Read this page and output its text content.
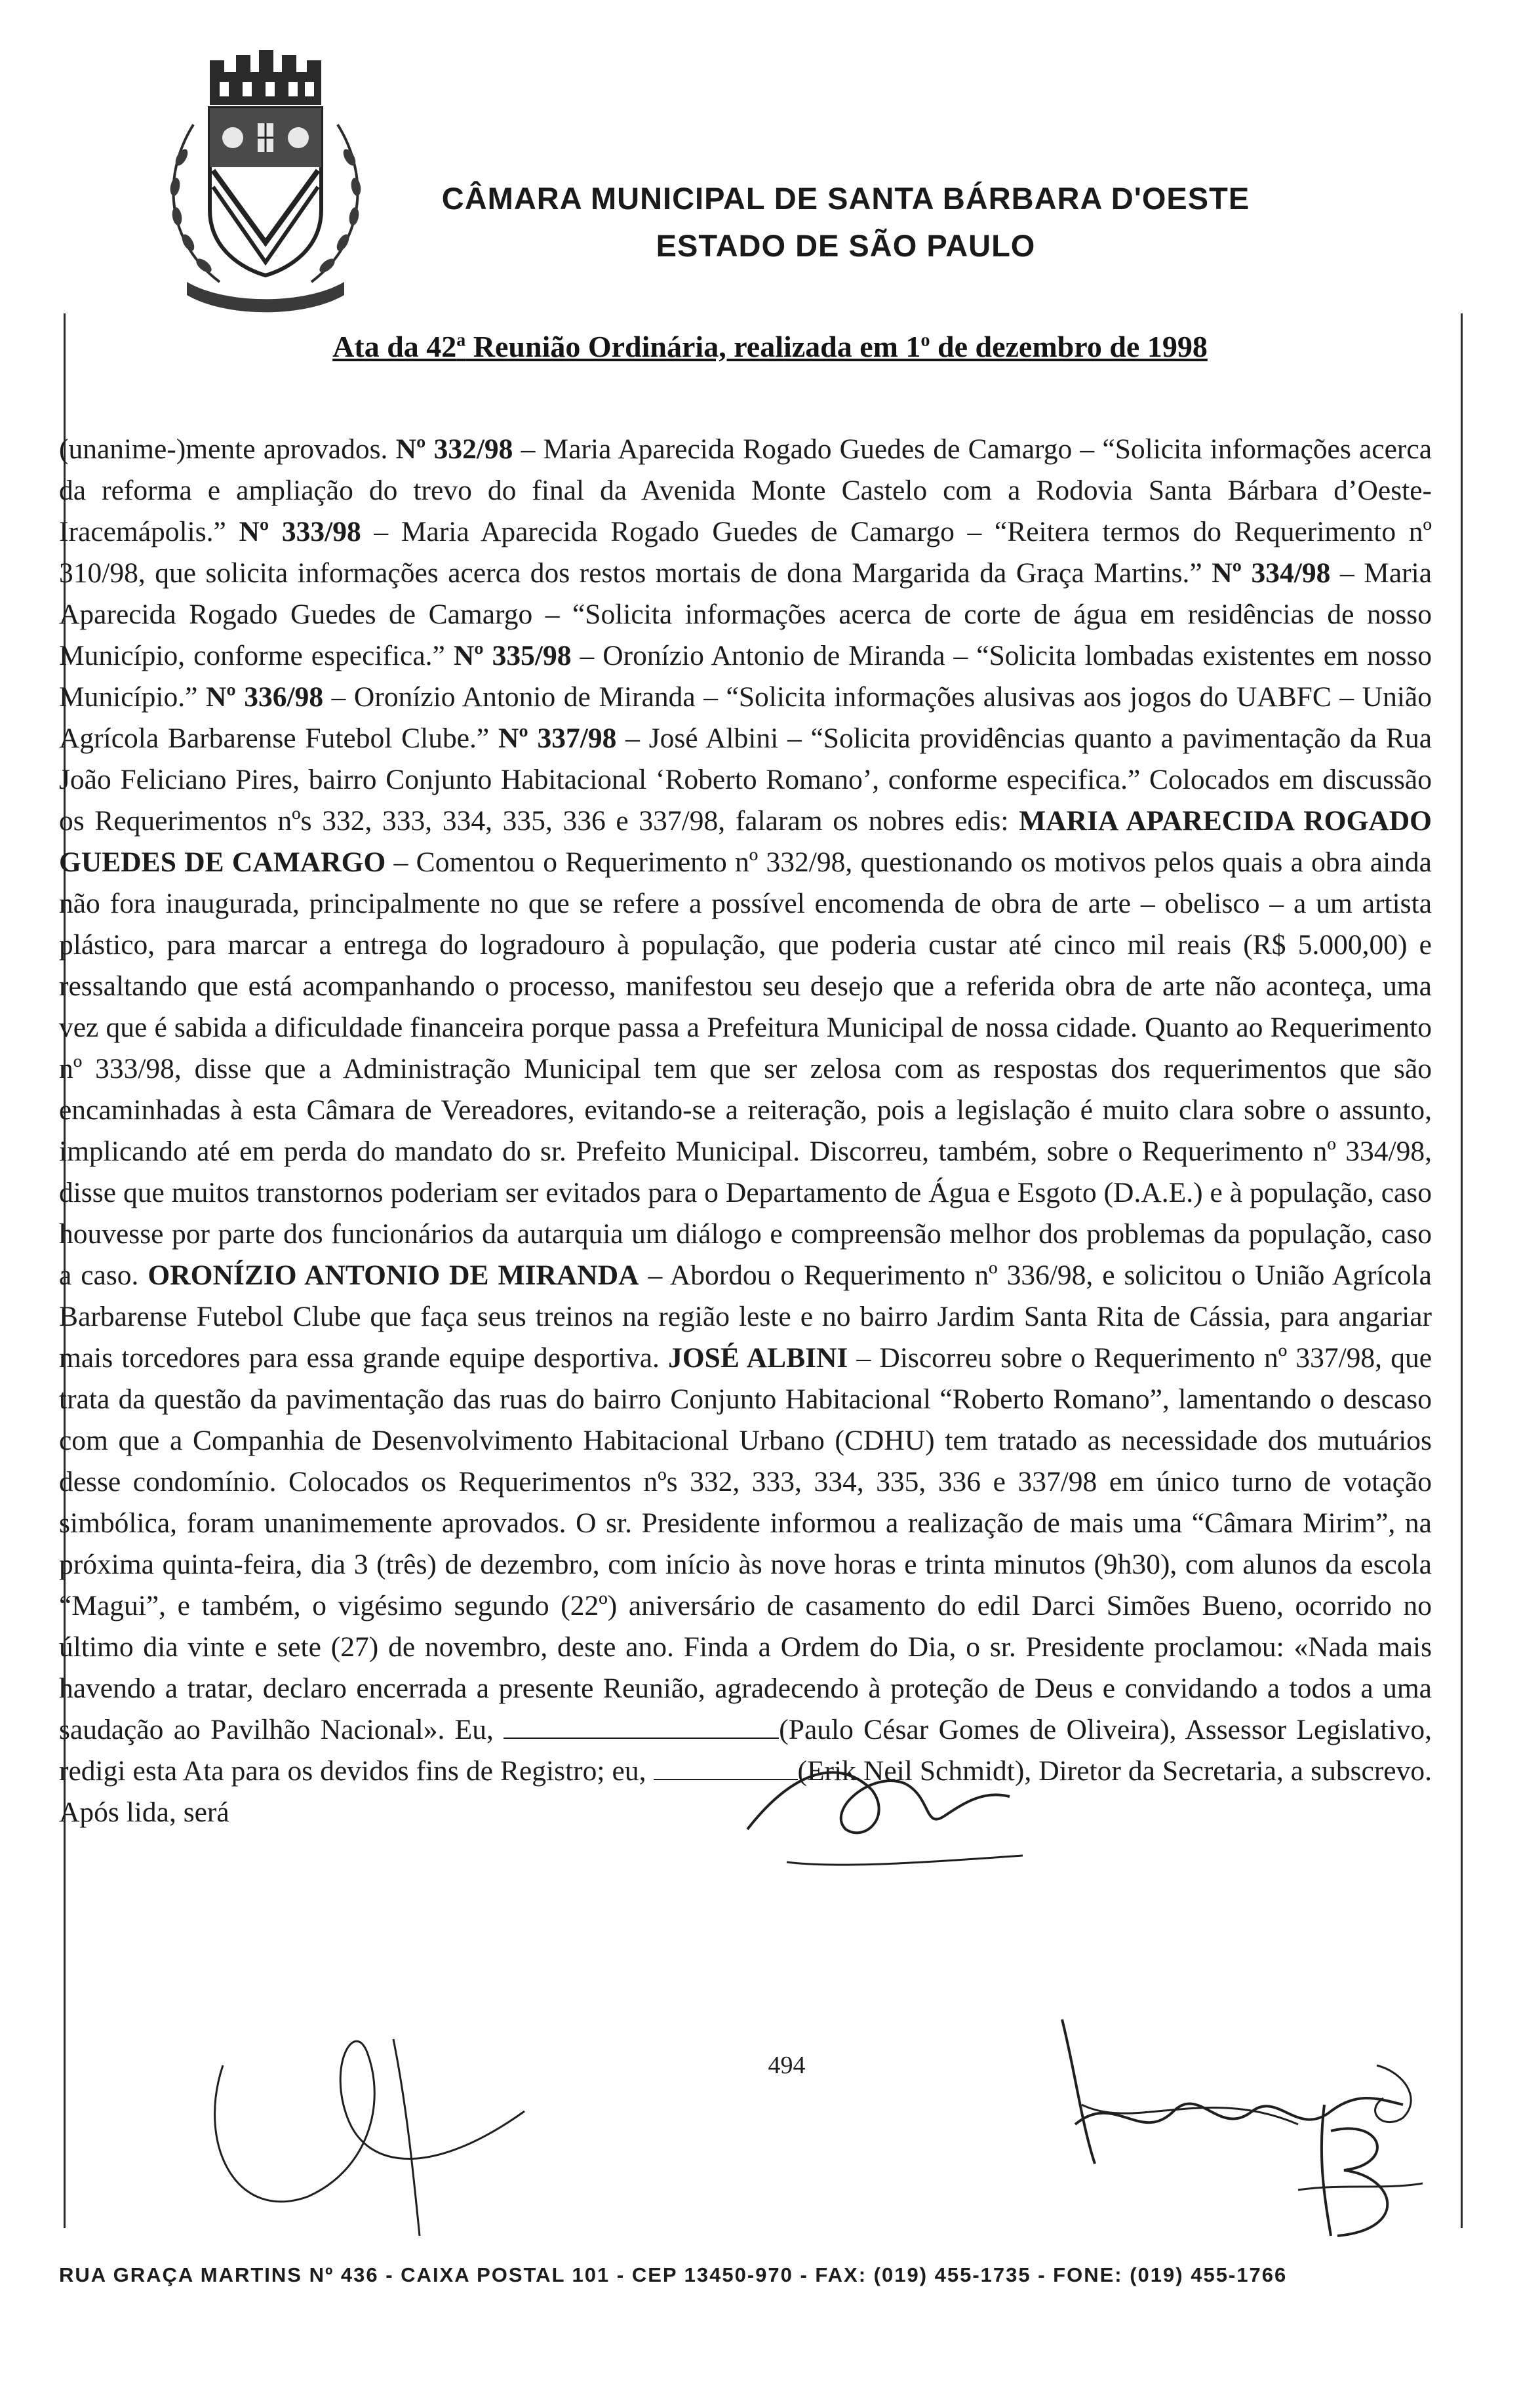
CÂMARA MUNICIPAL DE SANTA BÁRBARA D'OESTE
ESTADO DE SÃO PAULO
Ata da 42$^a$ Reunião Ordinária, realizada em 1$^o$ de dezembro de 1998
(unanime-)mente aprovados. Nº 332/98 – Maria Aparecida Rogado Guedes de Camargo – “Solicita informações acerca da reforma e ampliação do trevo do final da Avenida Monte Castelo com a Rodovia Santa Bárbara d’Oeste-Iracemápolis.” Nº 333/98 – Maria Aparecida Rogado Guedes de Camargo – “Reitera termos do Requerimento nº 310/98, que solicita informações acerca dos restos mortais de dona Margarida da Graça Martins.” Nº 334/98 – Maria Aparecida Rogado Guedes de Camargo – “Solicita informações acerca de corte de água em residências de nosso Município, conforme especifica.” Nº 335/98 – Oronízio Antonio de Miranda – “Solicita lombadas existentes em nosso Município.” Nº 336/98 – Oronízio Antonio de Miranda – “Solicita informações alusivas aos jogos do UABFC – União Agrícola Barbarense Futebol Clube.” Nº 337/98 – José Albini – “Solicita providências quanto a pavimentação da Rua João Feliciano Pires, bairro Conjunto Habitacional ‘Roberto Romano’, conforme especifica.” Colocados em discussão os Requerimentos nºs 332, 333, 334, 335, 336 e 337/98, falaram os nobres edis: MARIA APARECIDA ROGADO GUEDES DE CAMARGO – Comentou o Requerimento nº 332/98, questionando os motivos pelos quais a obra ainda não fora inaugurada, principalmente no que se refere a possível encomenda de obra de arte – obelisco – a um artista plástico, para marcar a entrega do logradouro à população, que poderia custar até cinco mil reais (R$ 5.000,00) e ressaltando que está acompanhando o processo, manifestou seu desejo que a referida obra de arte não aconteça, uma vez que é sabida a dificuldade financeira porque passa a Prefeitura Municipal de nossa cidade. Quanto ao Requerimento nº 333/98, disse que a Administração Municipal tem que ser zelosa com as respostas dos requerimentos que são encaminhadas à esta Câmara de Vereadores, evitando-se a reiteração, pois a legislação é muito clara sobre o assunto, implicando até em perda do mandato do sr. Prefeito Municipal. Discorreu, também, sobre o Requerimento nº 334/98, disse que muitos transtornos poderiam ser evitados para o Departamento de Água e Esgoto (D.A.E.) e à população, caso houvesse por parte dos funcionários da autarquia um diálogo e compreensão melhor dos problemas da população, caso a caso. ORONÍZIO ANTONIO DE MIRANDA – Abordou o Requerimento nº 336/98, e solicitou o União Agrícola Barbarense Futebol Clube que faça seus treinos na região leste e no bairro Jardim Santa Rita de Cássia, para angariar mais torcedores para essa grande equipe desportiva. JOSÉ ALBINI – Discorreu sobre o Requerimento nº 337/98, que trata da questão da pavimentação das ruas do bairro Conjunto Habitacional “Roberto Romano”, lamentando o descaso com que a Companhia de Desenvolvimento Habitacional Urbano (CDHU) tem tratado as necessidade dos mutuários desse condomínio. Colocados os Requerimentos nºs 332, 333, 334, 335, 336 e 337/98 em único turno de votação simbólica, foram unanimemente aprovados. O sr. Presidente informou a realização de mais uma “Câmara Mirim”, na próxima quinta-feira, dia 3 (três) de dezembro, com início às nove horas e trinta minutos (9h30), com alunos da escola “Magui”, e também, o vigésimo segundo (22º) aniversário de casamento do edil Darci Simões Bueno, ocorrido no último dia vinte e sete (27) de novembro, deste ano. Finda a Ordem do Dia, o sr. Presidente proclamou: «Nada mais havendo a tratar, declaro encerrada a presente Reunião, agradecendo à proteção de Deus e convidando a todos a uma saudação ao Pavilhão Nacional». Eu,	(Paulo César Gomes de Oliveira), Assessor Legislativo, redigi esta Ata para os devidos fins de Registro; eu,	(Erik Neil Schmidt), Diretor da Secretaria, a subscrevo. Após lida, será
494
RUA GRAÇA MARTINS Nº 436 - CAIXA POSTAL 101 - CEP 13450-970 - FAX: (019) 455-1735 - FONE: (019) 455-1766
